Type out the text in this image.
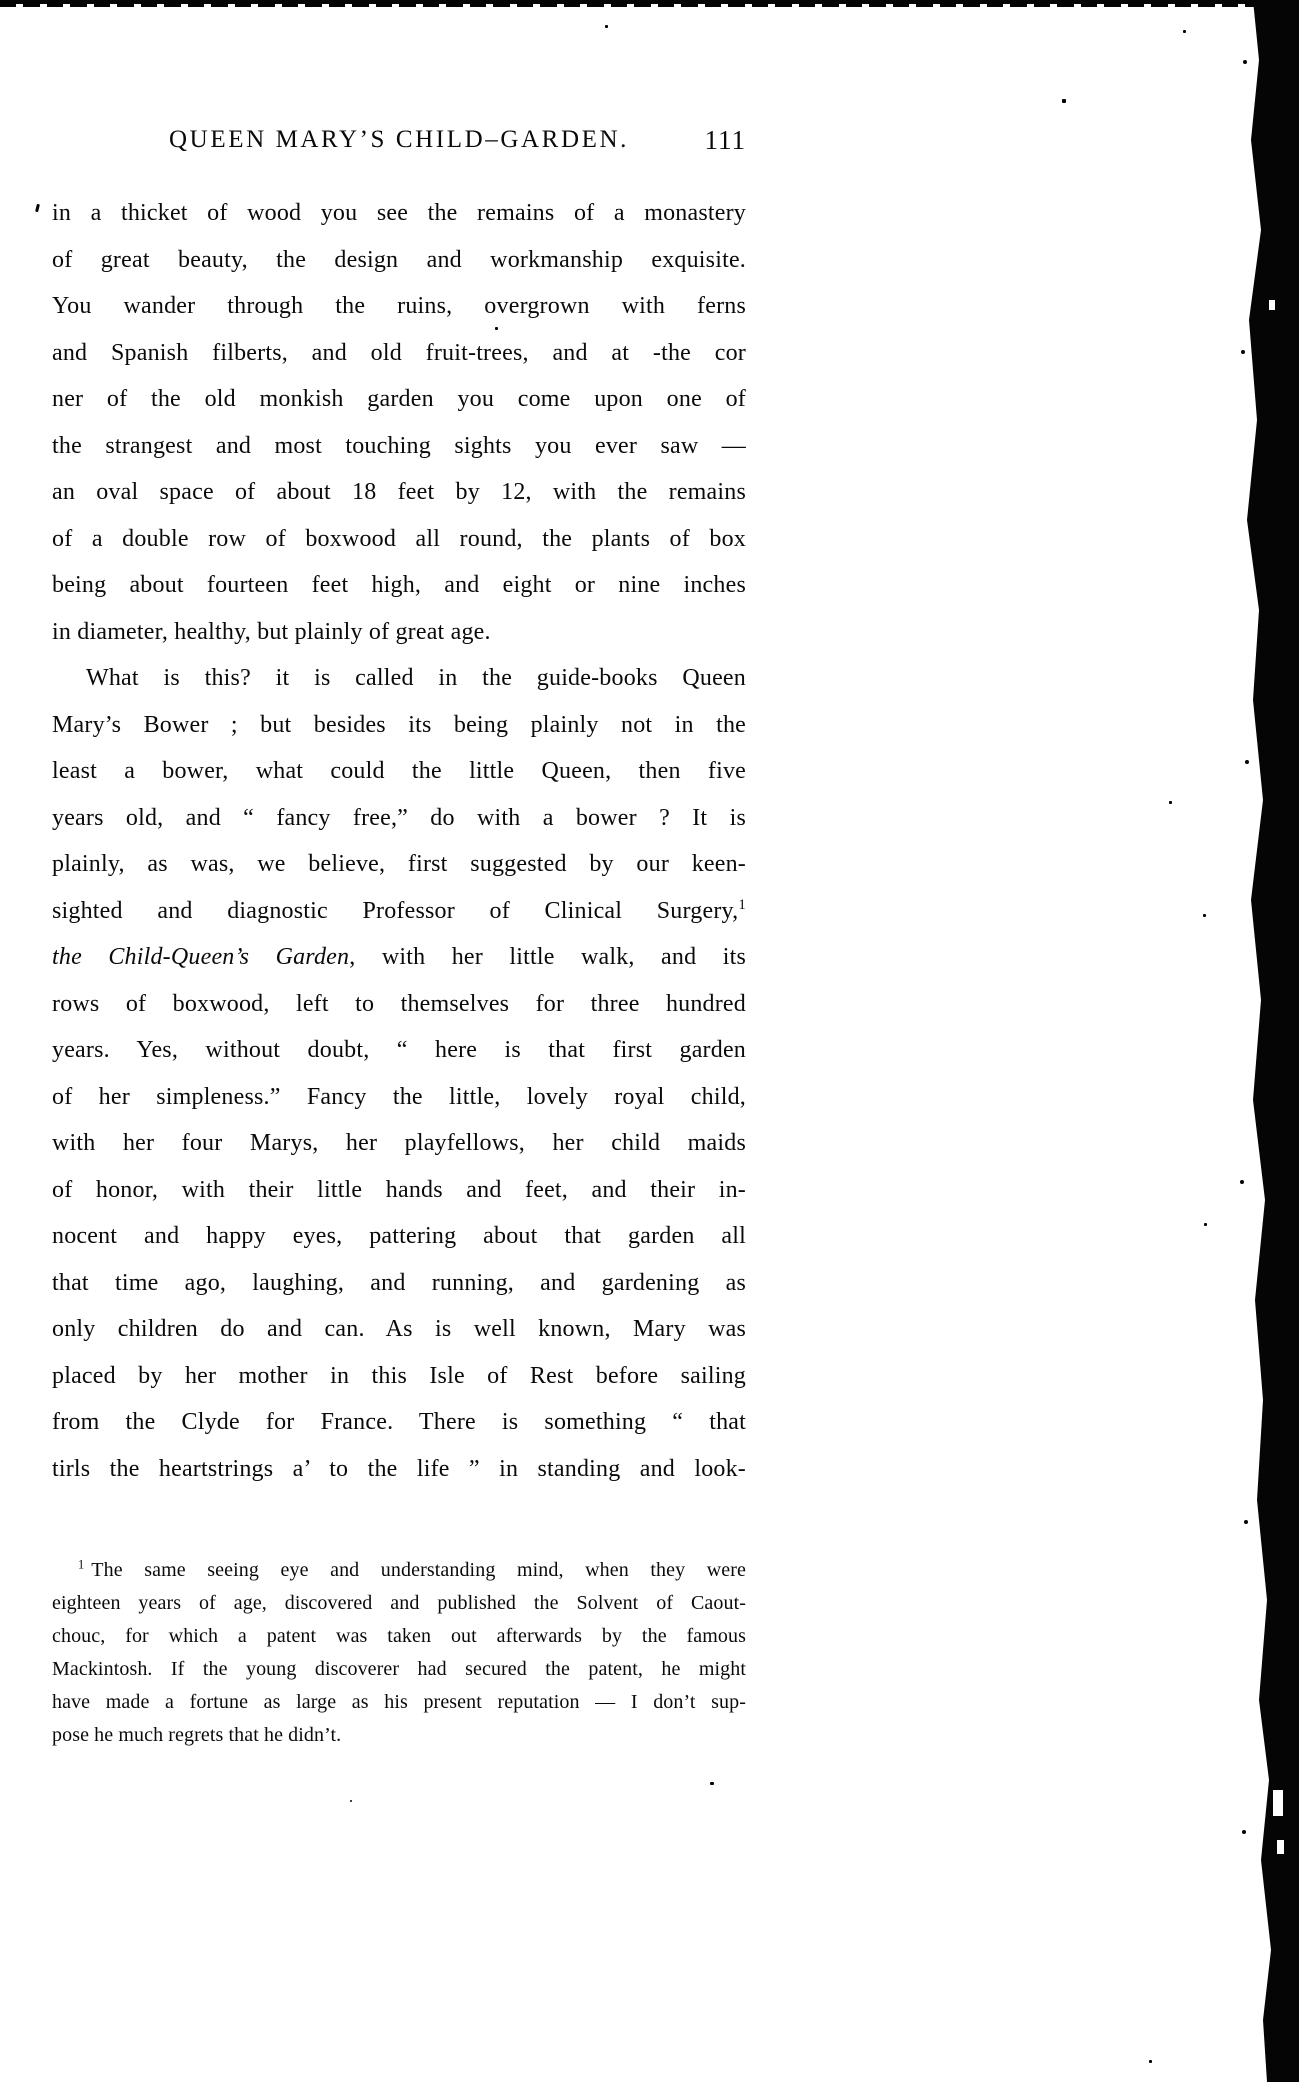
QUEEN MARY’S CHILD–GARDEN.	111
in a thicket of wood you see the remains of a monastery
of great beauty, the design and workmanship exquisite.
You wander through the ruins, overgrown with ferns
and Spanish filberts, and old fruit-trees, and at -the cor
ner of the old monkish garden you come upon one of
the strangest and most touching sights you ever saw —
an oval space of about 18 feet by 12, with the remains
of a double row of boxwood all round, the plants of box
being about fourteen feet high, and eight or nine inches
in diameter, healthy, but plainly of great age.
What is this? it is called in the guide-books Queen
Mary’s Bower ; but besides its being plainly not in the
least a bower, what could the little Queen, then five
years old, and “ fancy free,” do with a bower ? It is
plainly, as was, we believe, first suggested by our keen-
sighted and diagnostic Professor of Clinical Surgery,$^1$
the Child-Queen’s Garden, with her little walk, and its
rows of boxwood, left to themselves for three hundred
years. Yes, without doubt, “ here is that first garden
of her simpleness.” Fancy the little, lovely royal child,
with her four Marys, her playfellows, her child maids
of honor, with their little hands and feet, and their in-
nocent and happy eyes, pattering about that garden all
that time ago, laughing, and running, and gardening as
only children do and can. As is well known, Mary was
placed by her mother in this Isle of Rest before sailing
from the Clyde for France. There is something “ that
tirls the heartstrings a’ to the life ” in standing and look-
$^1$ The same seeing eye and understanding mind, when they were
eighteen years of age, discovered and published the Solvent of Caout-
chouc, for which a patent was taken out afterwards by the famous
Mackintosh. If the young discoverer had secured the patent, he might
have made a fortune as large as his present reputation — I don’t sup-
pose he much regrets that he didn’t.
